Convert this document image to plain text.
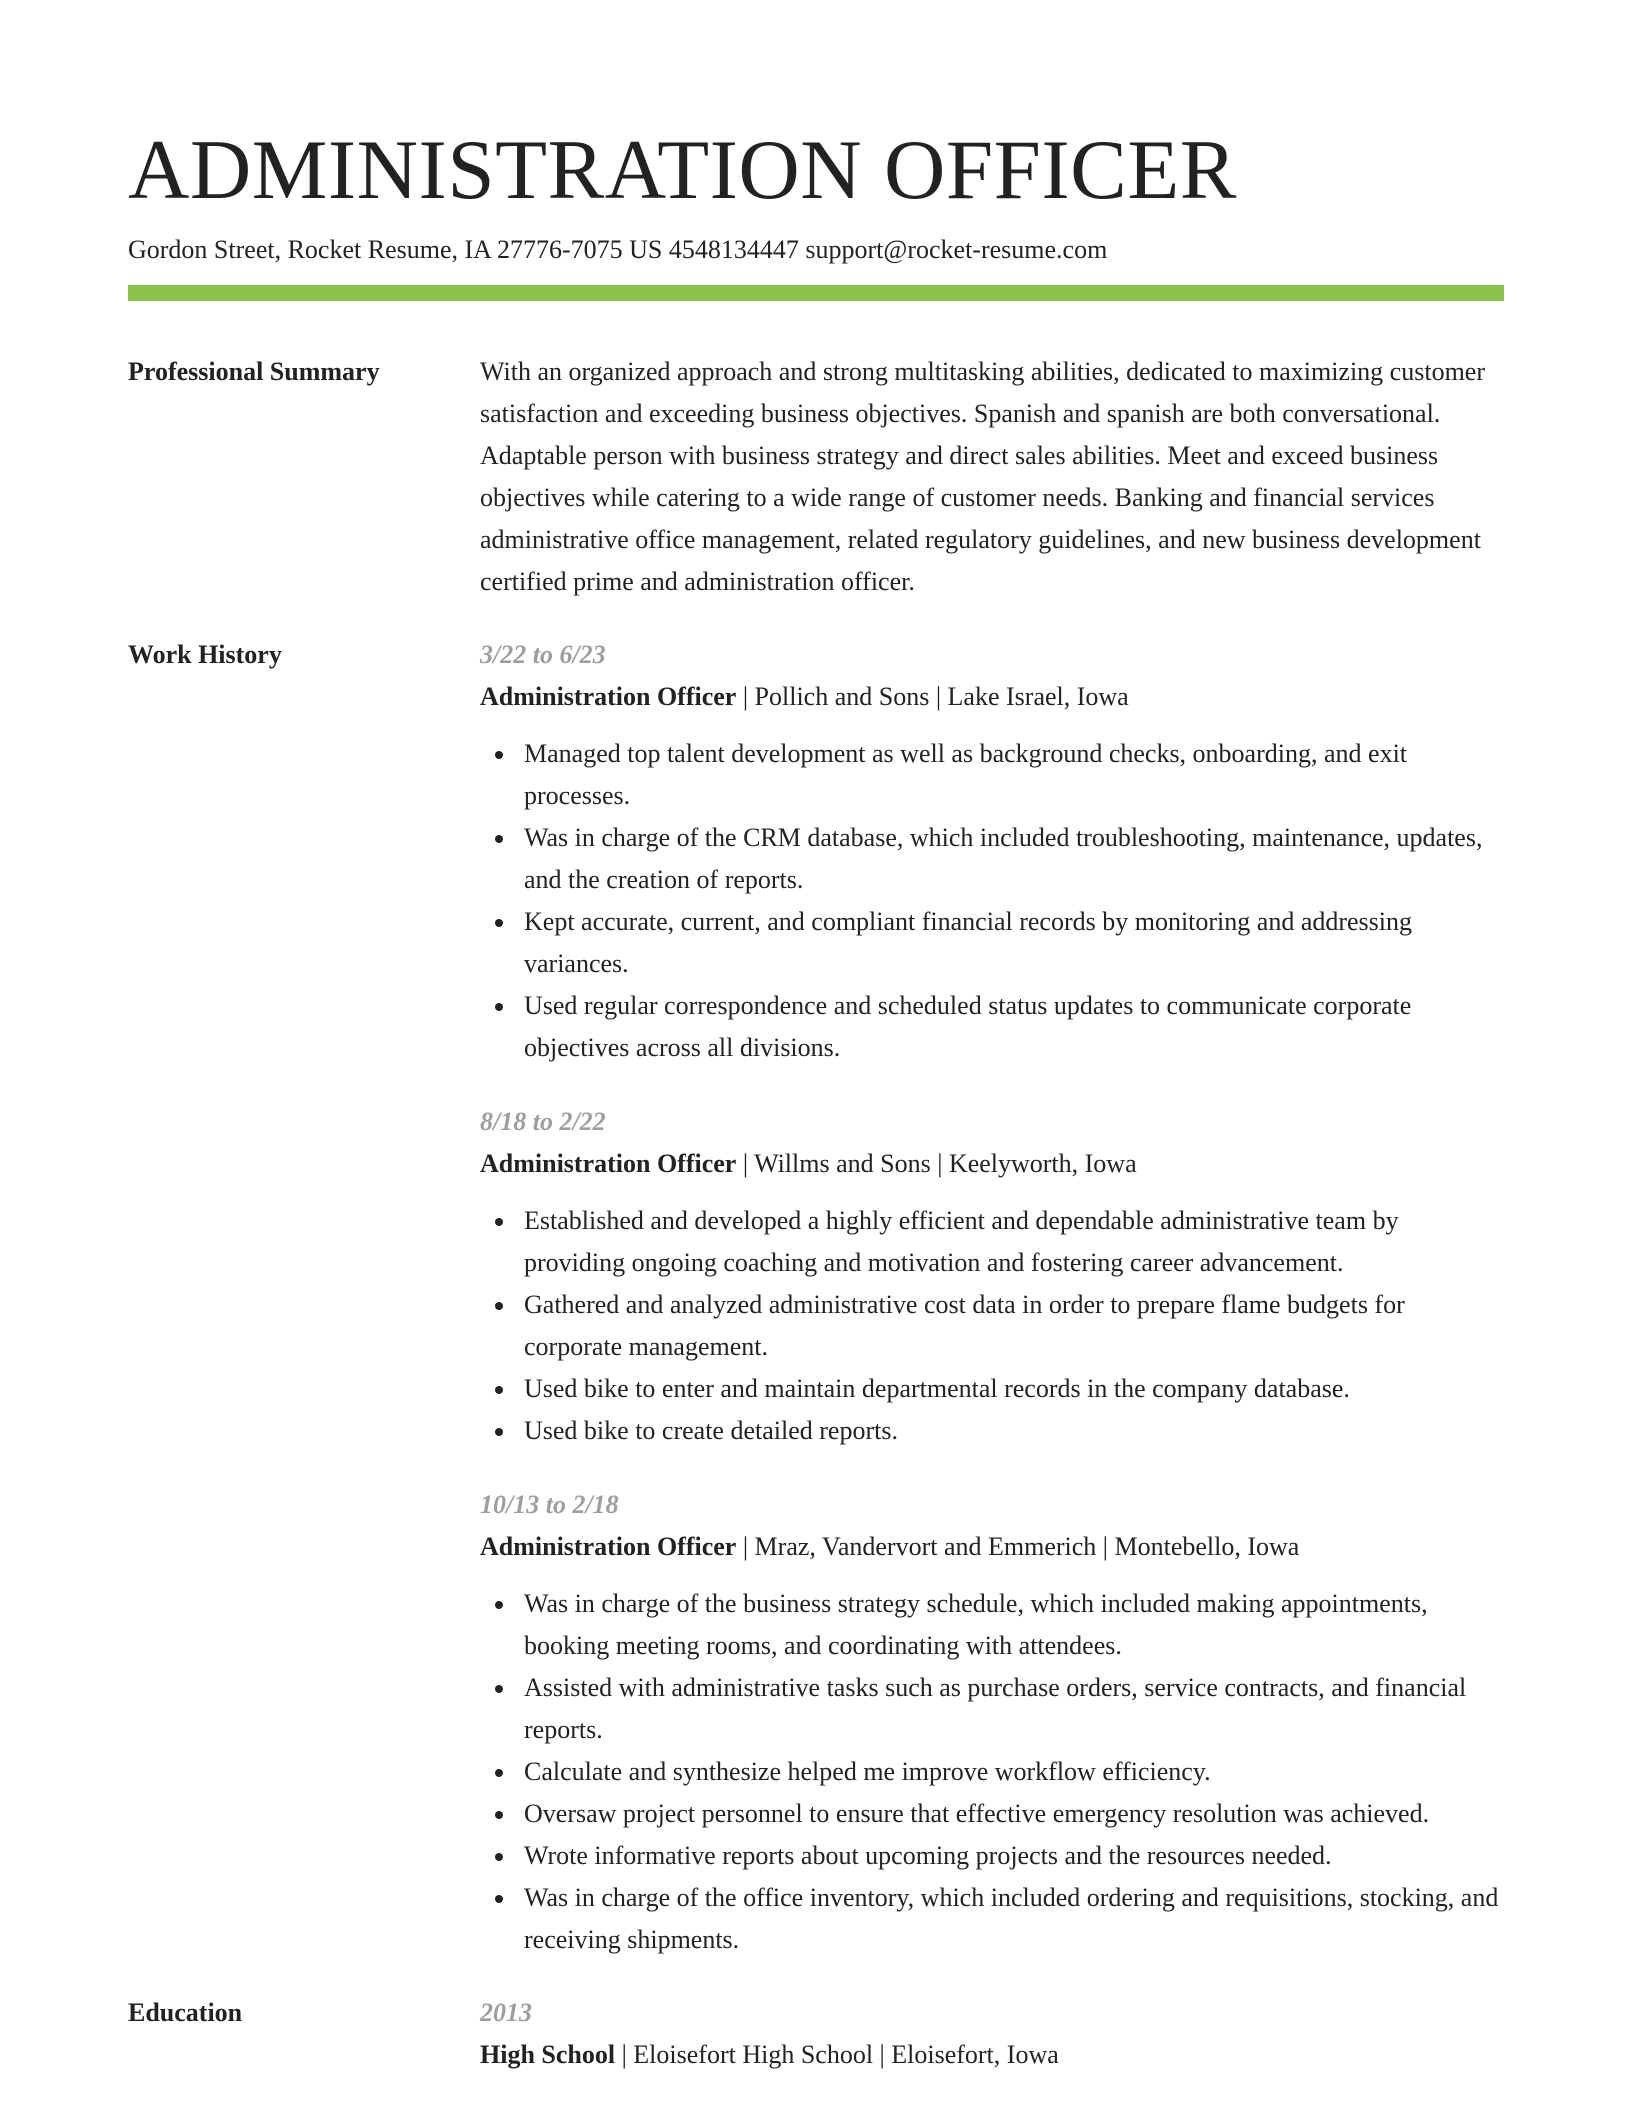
ADMINISTRATION OFFICER
Gordon Street, Rocket Resume, IA 27776-7075 US 4548134447 support@rocket-resume.com
Professional Summary	With an organized approach and strong multitasking abilities, dedicated to maximizing customer satisfaction and exceeding business objectives. Spanish and spanish are both conversational. Adaptable person with business strategy and direct sales abilities. Meet and exceed business objectives while catering to a wide range of customer needs. Banking and financial services administrative office management, related regulatory guidelines, and new business development certified prime and administration officer.

Work History	3/22 to 6/23
Administration Officer | Pollich and Sons | Lake Israel, Iowa
Managed top talent development as well as background checks, onboarding, and exit processes.
Was in charge of the CRM database, which included troubleshooting, maintenance, updates, and the creation of reports.
Kept accurate, current, and compliant financial records by monitoring and addressing variances.
Used regular correspondence and scheduled status updates to communicate corporate objectives across all divisions.
8/18 to 2/22
Administration Officer | Willms and Sons | Keelyworth, Iowa
Established and developed a highly efficient and dependable administrative team by providing ongoing coaching and motivation and fostering career advancement.
Gathered and analyzed administrative cost data in order to prepare flame budgets for corporate management.
Used bike to enter and maintain departmental records in the company database.
Used bike to create detailed reports.
10/13 to 2/18
Administration Officer | Mraz, Vandervort and Emmerich | Montebello, Iowa
Was in charge of the business strategy schedule, which included making appointments, booking meeting rooms, and coordinating with attendees.
Assisted with administrative tasks such as purchase orders, service contracts, and financial reports.
Calculate and synthesize helped me improve workflow efficiency.
Oversaw project personnel to ensure that effective emergency resolution was achieved.
Wrote informative reports about upcoming projects and the resources needed.
Was in charge of the office inventory, which included ordering and requisitions, stocking, and receiving shipments.
Education	2013
High School | Eloisefort High School | Eloisefort, Iowa
